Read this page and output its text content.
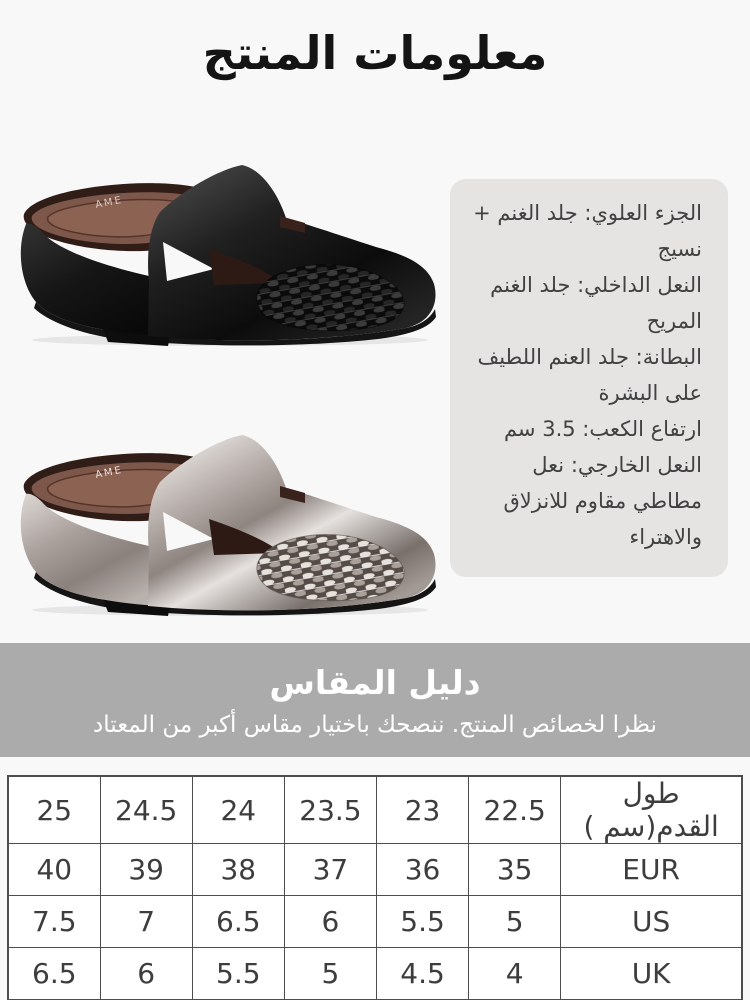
معلومات المنتج
AME
AME
الجزء العلوي: جلد الغنم + نسيج
النعل الداخلي: جلد الغنم المريح
البطانة: جلد العنم اللطيف على البشرة
ارتفاع الكعب: 3.5 سم
النعل الخارجي: نعل مطاطي مقاوم للانزلاق والاهتراء
دليل المقاس
نظرا لخصائص المنتج. ننصحك باختيار مقاس أكبر من المعتاد
25	24.5	24	23.5	23	22.5	طول القدم(سم )
40	39	38	37	36	35	EUR
7.5	7	6.5	6	5.5	5	US
6.5	6	5.5	5	4.5	4	UK
